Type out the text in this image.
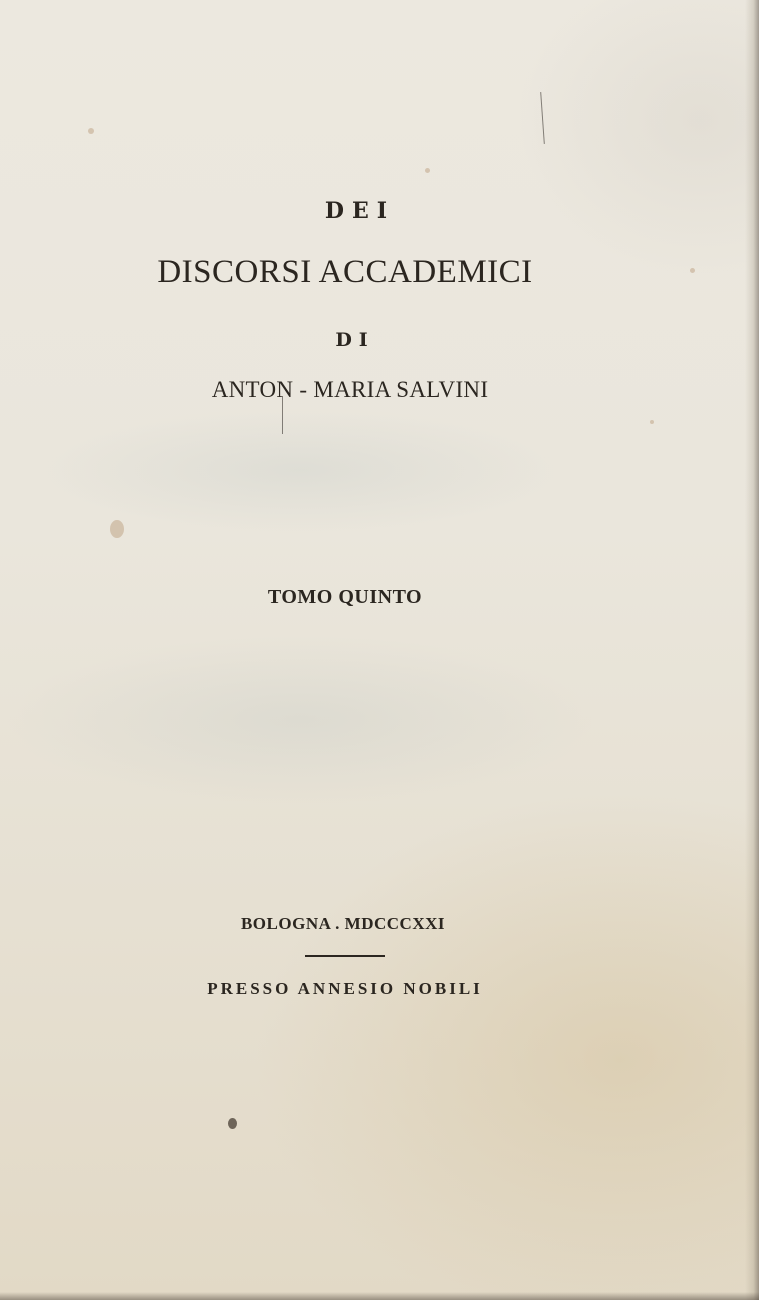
DEI

DISCORSI ACCADEMICI

DI

ANTON - MARIA SALVINI

TOMO QUINTO

BOLOGNA . MDCCCXXI

PRESSO ANNESIO NOBILI
